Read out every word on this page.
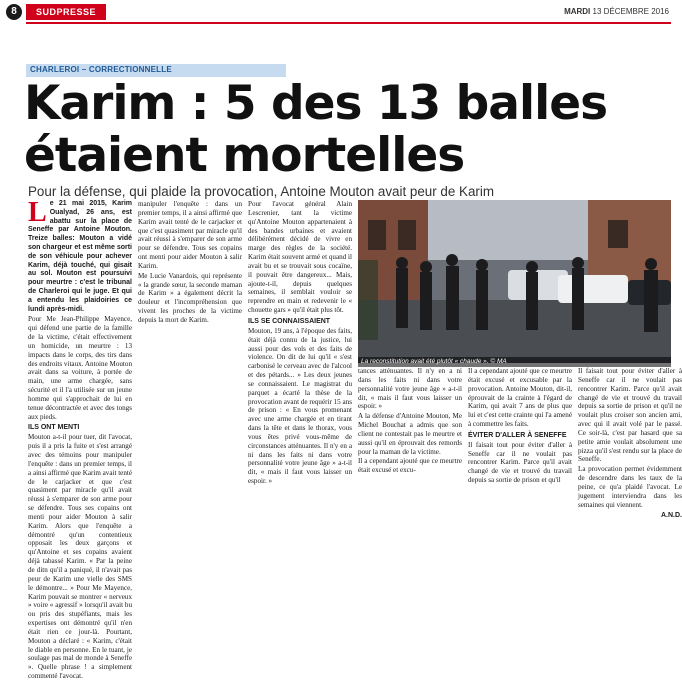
8	SUDPRESSE	MARDI 13 DÉCEMBRE 2016
CHARLEROI – CORRECTIONNELLE
Karim : 5 des 13 balles
étaient mortelles
Pour la défense, qui plaide la provocation, Antoine Mouton avait peur de Karim

Le 21 mai 2015, Karim Oualyad, 26 ans, est abattu sur la place de Seneffe par Antoine Mouton. Treize balles: Mouton a vidé son chargeur et est même sorti de son véhicule pour achever Karim, déjà touché, qui gisait au sol. Mouton est poursuivi pour meurtre : c'est le tribunal de Charleroi qui le juge. Et qui a entendu les plaidoiries ce lundi après-midi.

Pour Me Jean-Philippe Mayence, qui défend une partie de la famille de la victime, c'était effectivement un homicide, un meurtre : 13 impacts dans le corps, des tirs dans des endroits vitaux. Antoine Mouton avait dans sa voiture, à portée de main, une arme chargée, sans sécurité et il l'a utilisée sur un jeune homme qui s'approchait de lui en tenue décontractée et avec des tongs aux pieds.

ILS ONT MENTI

Mouton a-t-il pour tuer, dit l'avocat, puis il a pris la fuite et s'est arrangé avec des témoins pour manipuler l'enquête : dans un premier temps, il a ainsi affirmé que Karim avait tenté de le carjacker et que c'est quasiment par miracle qu'il avait réussi à s'emparer de son arme pour se défendre. Tous ses copains ont menti pour aider Mouton à salir Karim. Alors que l'enquête a démontré qu'un contentieux opposait les deux garçons et qu'Antoine et ses copains avaient déjà tabassé Karim. « Par la peine de ditn qu'il a paniqué, il n'avait pas peur de Karim une vielle des SMS le démontre... » Pour Me Mayence, Karim pouvait se montrer « nerveux » voire « agressif » lorsqu'il avait bu ou pris des stupéfiants, mais les expertises ont démontré qu'il n'en était rien ce jour-là. Pourtant, Mouton a déclaré : « Karim, c'était le diable en personne. En le tuant, je soulage pas mal de monde à Seneffe ». Quelle phrase ! a simplement commenté l'avocat.

manipuler l'enquête : dans un premier temps, il a ainsi affirmé que Karim avait tenté de le carjacker et que c'est quasiment par miracle qu'il avait réussi à s'emparer de son arme pour se défendre. Tous ses copains ont menti pour aider Mouton à salir Karim.

Me Lucie Vanardois, qui représente « la grande sœur, la seconde maman de Karim » a également décrit la douleur et l'incompréhension que vivent les proches de la victime depuis la mort de Karim.

Pour l'avocat général Alain Lescrenier, tant la victime qu'Antoine Mouton appartenaient à des bandes urbaines et avaient délibérément décidé de vivre en marge des règles de la société. Karim était souvent armé et quand il avait bu et se trouvait sous cocaïne, il pouvait être dangereux... Mais, ajoute-t-il, depuis quelques semaines, il semblait vouloir se reprendre en main et redevenir le « chouette gars » qu'il était plus tôt.

ILS SE CONNAISSAIENT

Mouton, 19 ans, à l'époque des faits, était déjà connu de la justice, lui aussi pour des vols et des faits de violence. On dit de lui qu'il « s'est carbonisé le cerveau avec de l'alcool et des pétards... » Les deux jeunes se connaissaient. Le magistrat du parquet a écarté la thèse de la provocation avant de requérir 15 ans de prison : « En vous promenant avec une arme chargée et en tirant dans la tête et dans le thorax, vous vous êtes privé vous-même de circonstances atténuantes. Il n'y en a ni dans les faits ni dans votre personnalité votre jeune âge » a-t-il dit, « mais il faut vous laisser un espoir. »

La reconstitution avait été plutôt « chaude ». © MA

tances atténuantes. Il n'y en a ni dans les faits ni dans votre personnalité votre jeune âge » a-t-il dit, « mais il faut vous laisser un espoir. »

A la défense d'Antoine Mouton, Me Michel Bouchat a admis que son client ne contestait pas le meurtre et aussi qu'il en éprouvait des remords pour la maman de la victime.

Il a cependant ajouté que ce meurtre était excusé et excu-

Il a cependant ajouté que ce meurtre était excusé et excusable par la provocation. Antoine Mouton, dit-il, éprouvait de la crainte à l'égard de Karim, qui avait 7 ans de plus que lui et c'est cette crainte qui l'a amené à commettre les faits.

ÉVITER D'ALLER À SENEFFE

Il faisait tout pour éviter d'aller à Seneffe car il ne voulait pas rencontrer Karim. Parce qu'il avait changé de vie et trouvé du travail depuis sa sortie de prison et qu'il

Il faisait tout pour éviter d'aller à Seneffe car il ne voulait pas rencontrer Karim. Parce qu'il avait changé de vie et trouvé du travail depuis sa sortie de prison et qu'il ne voulait plus croiser son ancien ami, avec qui il avait volé par le passé. Ce soir-là, c'est par hasard que sa petite amie voulait absolument une pizza qu'il s'est rendu sur la place de Seneffe.

La provocation permet évidemment de descendre dans les taux de la peine, ce qu'a plaidé l'avocat. Le jugement interviendra dans les semaines qui viennent.

A.N.D.
